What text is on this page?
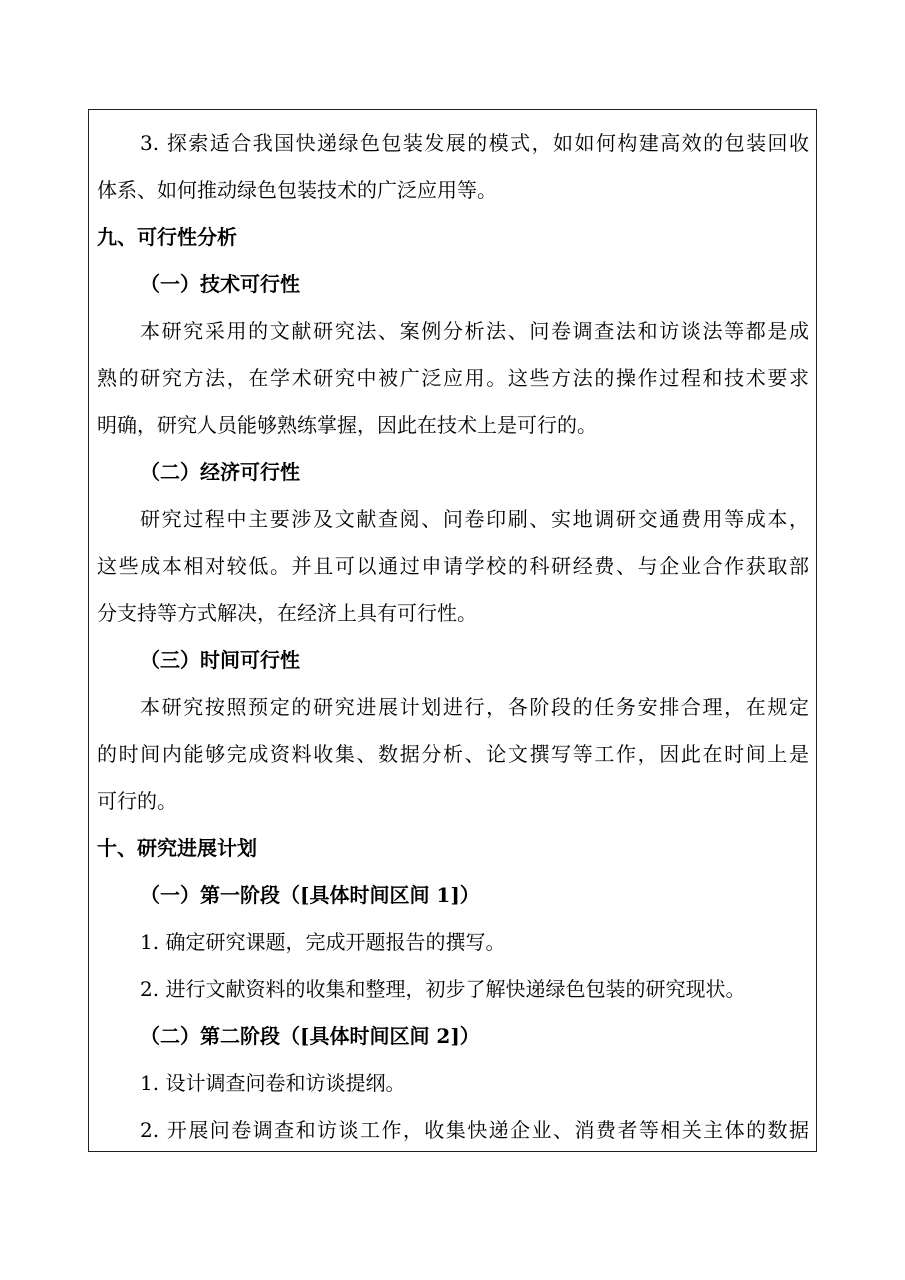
3. 探索适合我国快递绿色包装发展的模式，如如何构建高效的包装回收
体系、如何推动绿色包装技术的广泛应用等。
九、可行性分析
（一）技术可行性
本研究采用的文献研究法、案例分析法、问卷调查法和访谈法等都是成
熟的研究方法，在学术研究中被广泛应用。这些方法的操作过程和技术要求
明确，研究人员能够熟练掌握，因此在技术上是可行的。
（二）经济可行性
研究过程中主要涉及文献查阅、问卷印刷、实地调研交通费用等成本，
这些成本相对较低。并且可以通过申请学校的科研经费、与企业合作获取部
分支持等方式解决，在经济上具有可行性。
（三）时间可行性
本研究按照预定的研究进展计划进行，各阶段的任务安排合理，在规定
的时间内能够完成资料收集、数据分析、论文撰写等工作，因此在时间上是
可行的。
十、研究进展计划
（一）第一阶段（[具体时间区间 1]）
1. 确定研究课题，完成开题报告的撰写。
2. 进行文献资料的收集和整理，初步了解快递绿色包装的研究现状。
（二）第二阶段（[具体时间区间 2]）
1. 设计调查问卷和访谈提纲。
2. 开展问卷调查和访谈工作，收集快递企业、消费者等相关主体的数据
